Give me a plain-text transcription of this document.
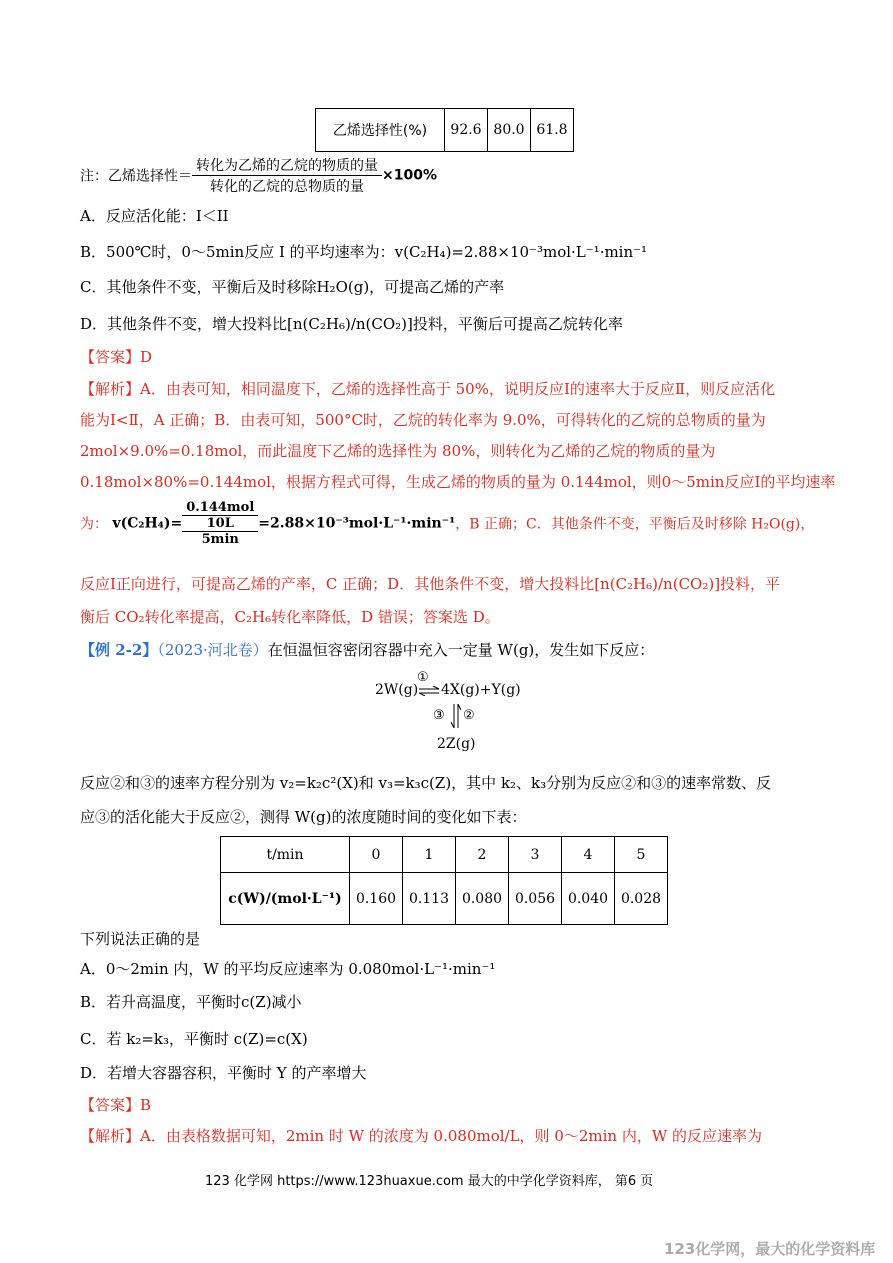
乙烯选择性(%)	92.6	80.0	61.8
注：乙烯选择性＝ $\frac{\text{转化为乙烯的乙烷的物质的量}}{\text{转化的乙烷的总物质的量}} \times 100\%$
A．反应活化能：I＜II
B．500℃时，0～5min反应 I 的平均速率为：v(C₂H₄)=2.88×10⁻³mol·L⁻¹·min⁻¹
C．其他条件不变，平衡后及时移除H₂O(g)，可提高乙烯的产率
D．其他条件不变，增大投料比[n(C₂H₆)/n(CO₂)]投料，平衡后可提高乙烷转化率
【答案】D
【解析】A．由表可知，相同温度下，乙烯的选择性高于 50%，说明反应Ⅰ的速率大于反应Ⅱ，则反应活化
能为Ⅰ<Ⅱ，A 正确；B．由表可知，500°C时，乙烷的转化率为 9.0%，可得转化的乙烷的总物质的量为
2mol×9.0%=0.18mol，而此温度下乙烯的选择性为 80%，则转化为乙烯的乙烷的物质的量为
0.18mol×80%=0.144mol，根据方程式可得，生成乙烯的物质的量为 0.144mol，则0～5min反应Ⅰ的平均速率
为： v(C₂H₄)=
0.144mol
10L
5min
=2.88×10⁻³mol·L⁻¹·min⁻¹，B 正确；C．其他条件不变，平衡后及时移除 H₂O(g)，
反应Ⅰ正向进行，可提高乙烯的产率，C 正确；D．其他条件不变，增大投料比[n(C₂H₆)/n(CO₂)]投料，平
衡后 CO₂转化率提高，C₂H₆转化率降低，D 错误；答案选 D。
【例 2-2】（2023·河北卷）在恒温恒容密闭容器中充入一定量 W(g)，发生如下反应：
2W(g)
①
4X(g)+Y(g)
③ ②
2Z(g)
反应②和③的速率方程分别为 v₂=k₂c²(X)和 v₃=k₃c(Z)，其中 k₂、k₃分别为反应②和③的速率常数、反
应③的活化能大于反应②，测得 W(g)的浓度随时间的变化如下表：
t/min	0	1	2	3	4	5
c(W)/(mol·L⁻¹)	0.160	0.113	0.080	0.056	0.040	0.028
下列说法正确的是
A．0～2min 内，W 的平均反应速率为 0.080mol·L⁻¹·min⁻¹
B．若升高温度，平衡时c(Z)减小
C．若 k₂=k₃，平衡时 c(Z)=c(X)
D．若增大容器容积，平衡时 Y 的产率增大
【答案】B
【解析】A．由表格数据可知，2min 时 W 的浓度为 0.080mol/L，则 0～2min 内，W 的反应速率为
123 化学网 https://www.123huaxue.com 最大的中学化学资料库， 第6 页
123化学网，最大的化学资料库
